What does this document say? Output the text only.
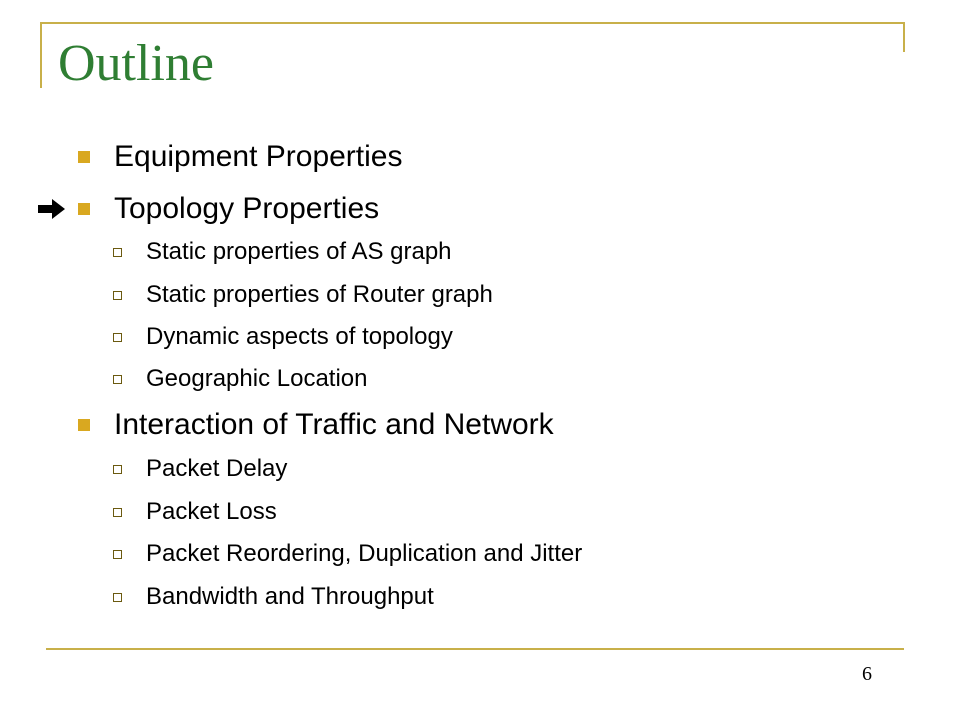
Outline
Equipment Properties
Topology Properties
Static properties of AS graph
Static properties of Router graph
Dynamic aspects of topology
Geographic Location
Interaction of Traffic and Network
Packet Delay
Packet Loss
Packet Reordering, Duplication and Jitter
Bandwidth and Throughput
6
